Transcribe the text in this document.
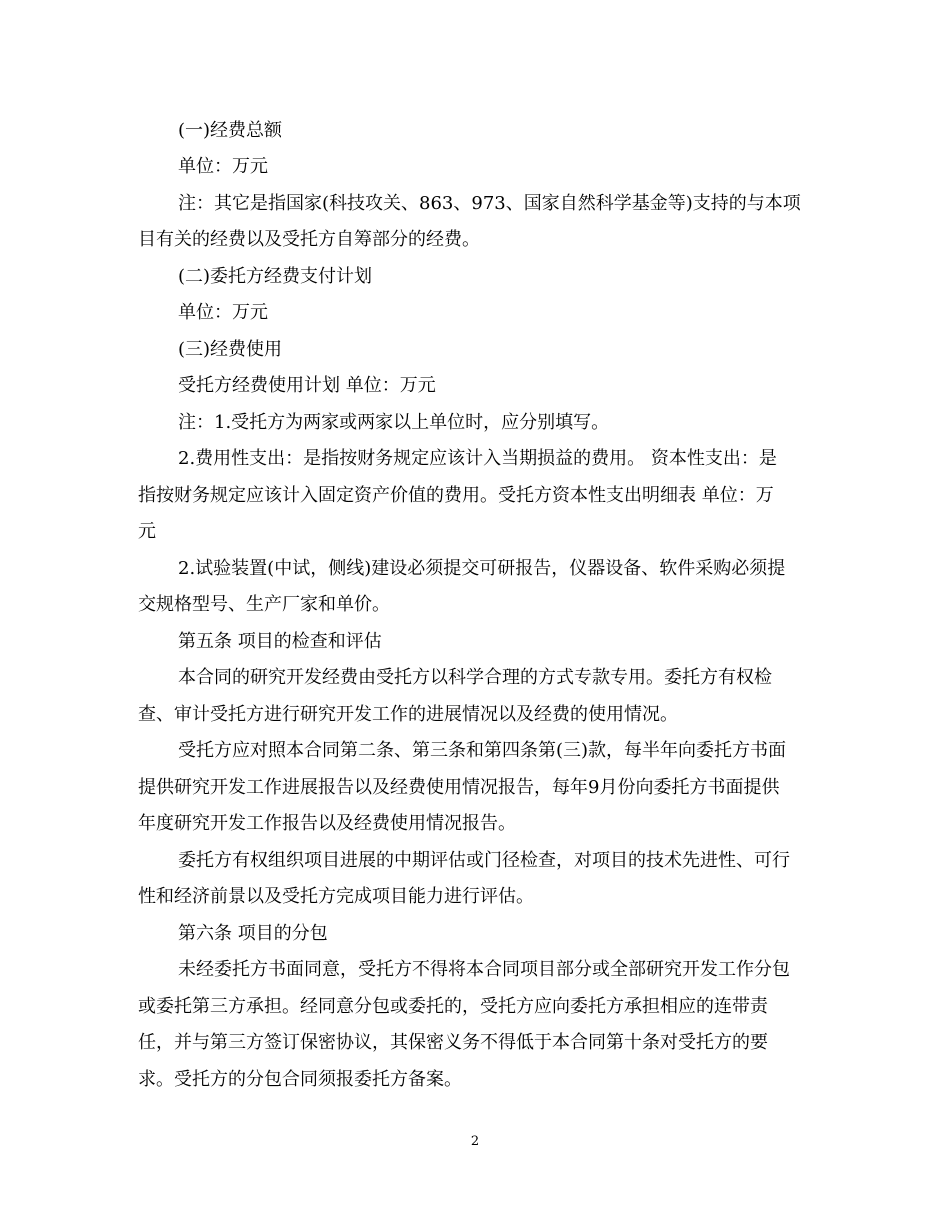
(一)经费总额
单位：万元
注：其它是指国家(科技攻关、863、973、国家自然科学基金等)支持的与本项
目有关的经费以及受托方自筹部分的经费。
(二)委托方经费支付计划
单位：万元
(三)经费使用
受托方经费使用计划 单位：万元
注：1.受托方为两家或两家以上单位时，应分别填写。
2.费用性支出：是指按财务规定应该计入当期损益的费用。 资本性支出：是
指按财务规定应该计入固定资产价值的费用。受托方资本性支出明细表 单位：万
元
2.试验装置(中试，侧线)建设必须提交可研报告，仪器设备、软件采购必须提
交规格型号、生产厂家和单价。
第五条 项目的检查和评估
本合同的研究开发经费由受托方以科学合理的方式专款专用。委托方有权检
查、审计受托方进行研究开发工作的进展情况以及经费的使用情况。
受托方应对照本合同第二条、第三条和第四条第(三)款，每半年向委托方书面
提供研究开发工作进展报告以及经费使用情况报告，每年9月份向委托方书面提供
年度研究开发工作报告以及经费使用情况报告。
委托方有权组织项目进展的中期评估或门径检查，对项目的技术先进性、可行
性和经济前景以及受托方完成项目能力进行评估。
第六条 项目的分包
未经委托方书面同意，受托方不得将本合同项目部分或全部研究开发工作分包
或委托第三方承担。经同意分包或委托的，受托方应向委托方承担相应的连带责
任，并与第三方签订保密协议，其保密义务不得低于本合同第十条对受托方的要
求。受托方的分包合同须报委托方备案。
2
